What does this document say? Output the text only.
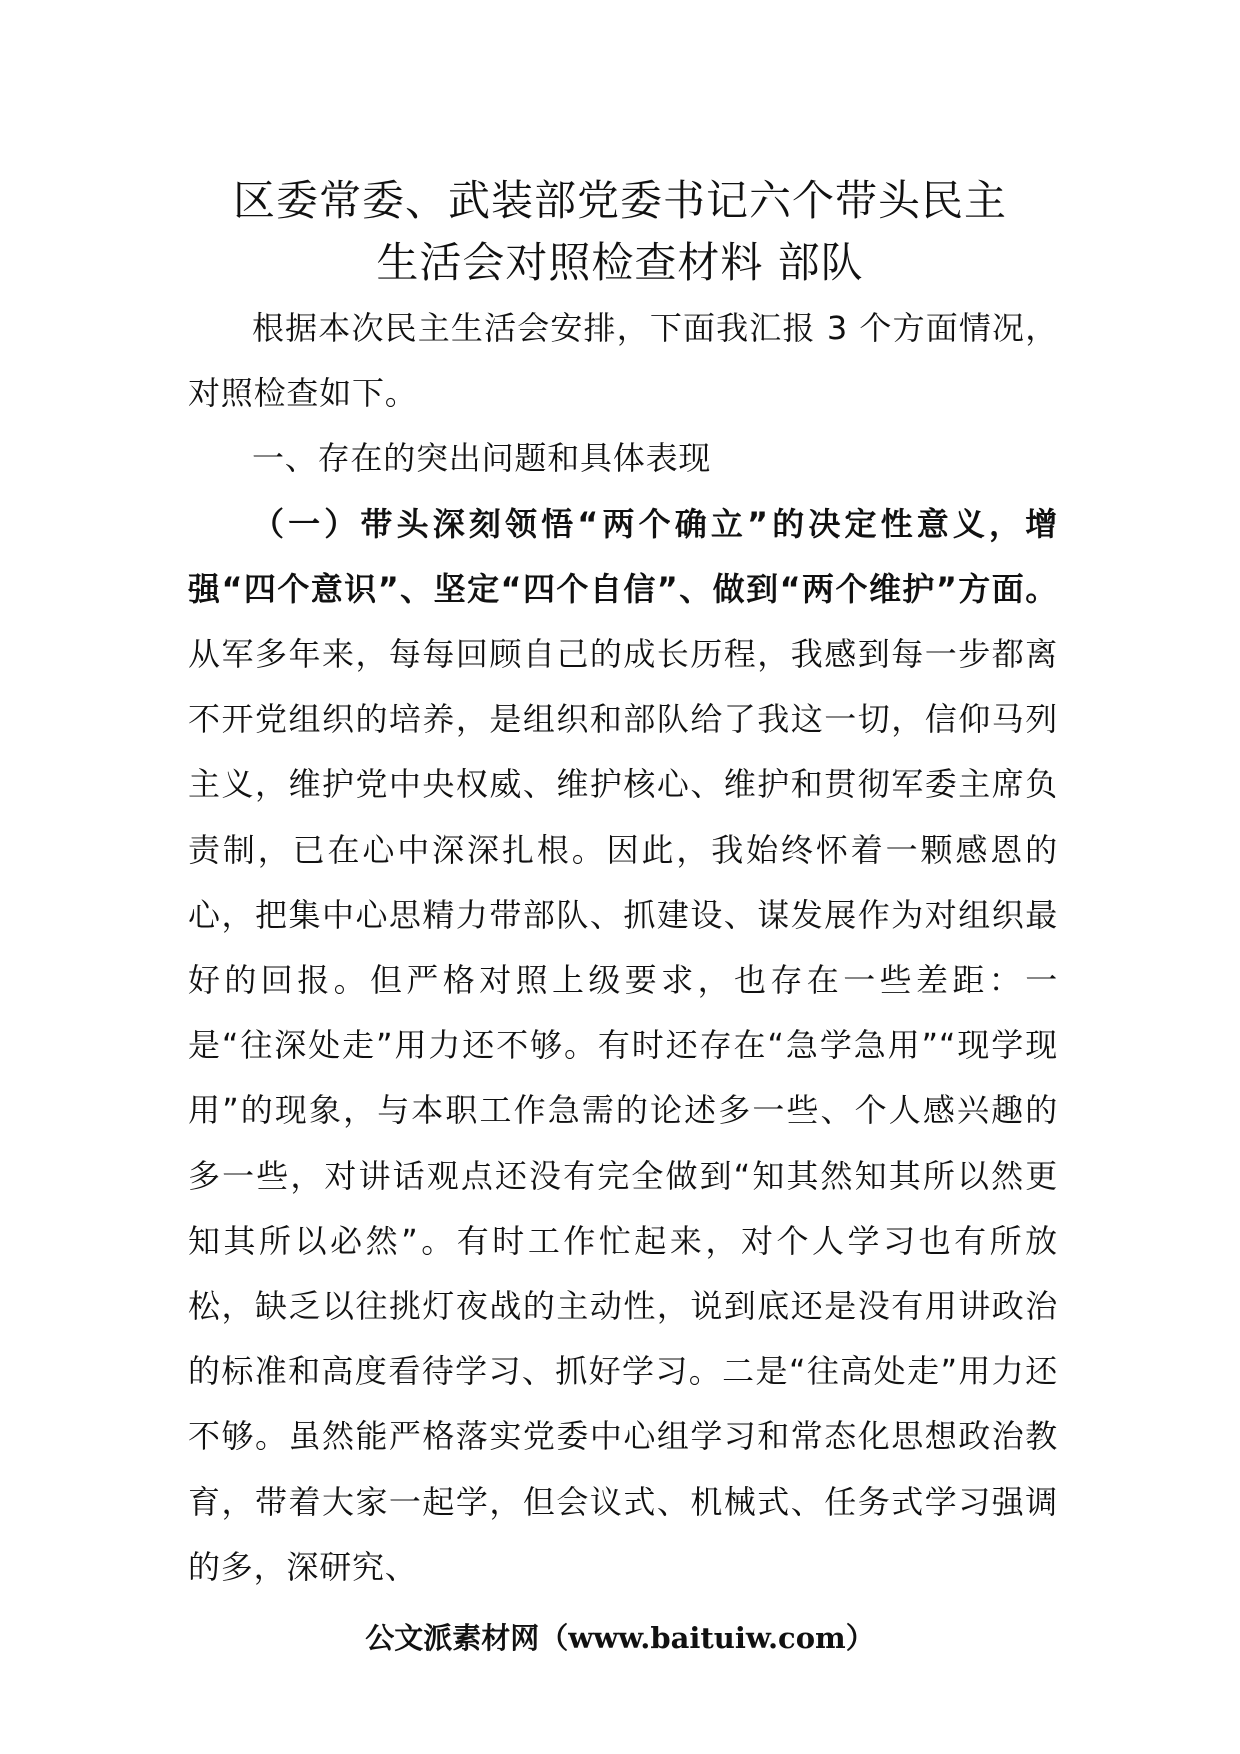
区委常委、武装部党委书记六个带头民主
生活会对照检查材料 部队

根据本次民主生活会安排，下面我汇报 3 个方面情况，对照检查如下。

一、存在的突出问题和具体表现

（一）带头深刻领悟“两个确立”的决定性意义，增强“四个意识”、坚定“四个自信”、做到“两个维护”方面。从军多年来，每每回顾自己的成长历程，我感到每一步都离不开党组织的培养，是组织和部队给了我这一切，信仰马列主义，维护党中央权威、维护核心、维护和贯彻军委主席负责制，已在心中深深扎根。因此，我始终怀着一颗感恩的心，把集中心思精力带部队、抓建设、谋发展作为对组织最好的回报。但严格对照上级要求，也存在一些差距：一是“往深处走”用力还不够。有时还存在“急学急用”“现学现用”的现象，与本职工作急需的论述多一些、个人感兴趣的多一些，对讲话观点还没有完全做到“知其然知其所以然更知其所以必然”。有时工作忙起来，对个人学习也有所放松，缺乏以往挑灯夜战的主动性，说到底还是没有用讲政治的标准和高度看待学习、抓好学习。二是“往高处走”用力还不够。虽然能严格落实党委中心组学习和常态化思想政治教育，带着大家一起学，但会议式、机械式、任务式学习强调的多，深研究、

公文派素材网（www.baituiw.com）
